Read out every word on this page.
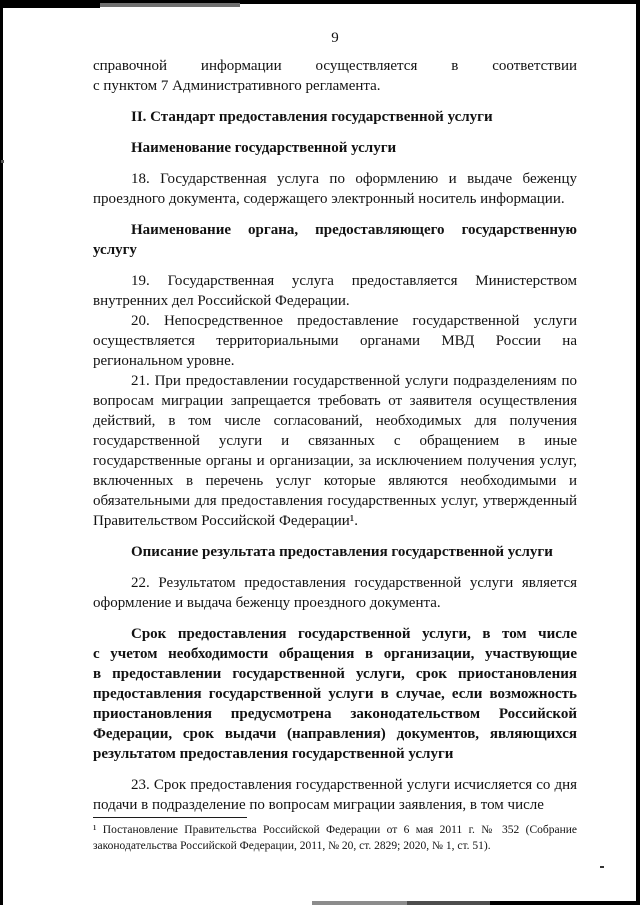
9
справочной информации осуществляется в соответствии
с пунктом 7 Административного регламента.
II. Стандарт предоставления государственной услуги
Наименование государственной услуги
18. Государственная услуга по оформлению и выдаче беженцу
проездного документа, содержащего электронный носитель информации.
Наименование органа, предоставляющего государственную
услугу
19. Государственная услуга предоставляется Министерством
внутренних дел Российской Федерации.
20. Непосредственное предоставление государственной услуги
осуществляется территориальными органами МВД России на
региональном уровне.
21. При предоставлении государственной услуги подразделениям по
вопросам миграции запрещается требовать от заявителя осуществления
действий, в том числе согласований, необходимых для получения
государственной услуги и связанных с обращением в иные
государственные органы и организации, за исключением получения услуг,
включенных в перечень услуг которые являются необходимыми и
обязательными для предоставления государственных услуг, утвержденный
Правительством Российской Федерации¹.
Описание результата предоставления государственной услуги
22. Результатом предоставления государственной услуги является
оформление и выдача беженцу проездного документа.
Срок предоставления государственной услуги, в том числе
с учетом необходимости обращения в организации, участвующие
в предоставлении государственной услуги, срок приостановления
предоставления государственной услуги в случае, если возможность
приостановления предусмотрена законодательством Российской
Федерации, срок выдачи (направления) документов, являющихся
результатом предоставления государственной услуги
23. Срок предоставления государственной услуги исчисляется со дня
подачи в подразделение по вопросам миграции заявления, в том числе
¹ Постановление Правительства Российской Федерации от 6 мая 2011 г. № 352 (Собрание
законодательства Российской Федерации, 2011, № 20, ст. 2829; 2020, № 1, ст. 51).
